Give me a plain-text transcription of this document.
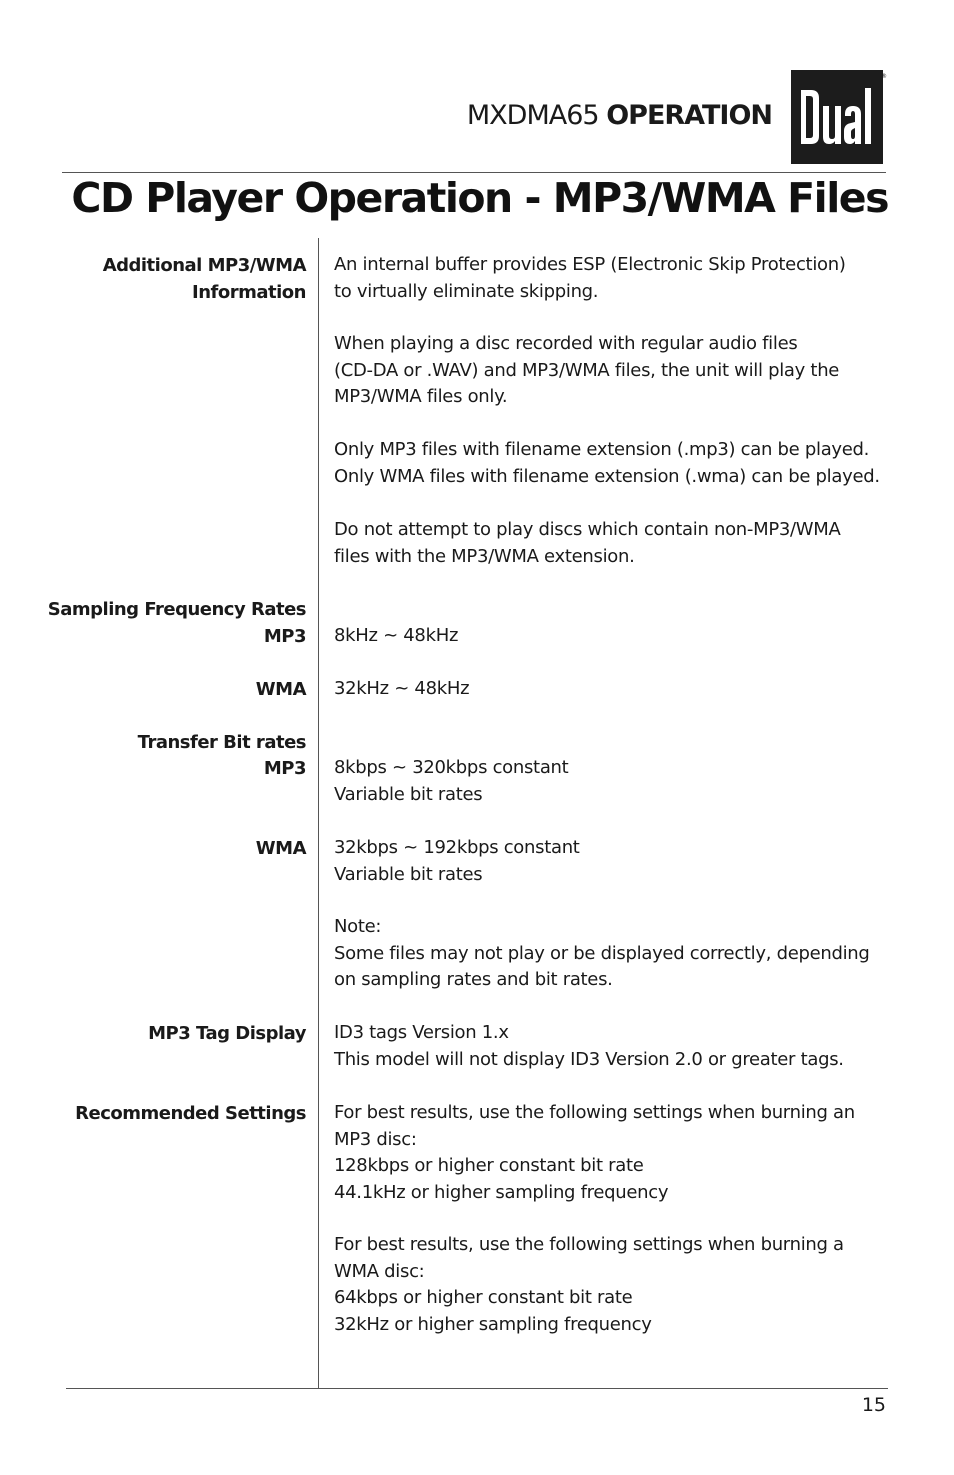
MXDMA65 OPERATION
®
CD Player Operation - MP3/WMA Files
Additional MP3/WMA
Information
Sampling Frequency Rates
MP3
WMA
Transfer Bit rates
MP3
WMA
MP3 Tag Display
Recommended Settings

An internal buffer provides ESP (Electronic Skip Protection)
to virtually eliminate skipping.

When playing a disc recorded with regular audio files
(CD-DA or .WAV) and MP3/WMA files, the unit will play the
MP3/WMA files only.

Only MP3 files with filename extension (.mp3) can be played.
Only WMA files with filename extension (.wma) can be played.

Do not attempt to play discs which contain non-MP3/WMA
files with the MP3/WMA extension.

8kHz ~ 48kHz

32kHz ~ 48kHz

8kbps ~ 320kbps constant
Variable bit rates

32kbps ~ 192kbps constant
Variable bit rates

Note:
Some files may not play or be displayed correctly, depending
on sampling rates and bit rates.

ID3 tags Version 1.x
This model will not display ID3 Version 2.0 or greater tags.

For best results, use the following settings when burning an
MP3 disc:
128kbps or higher constant bit rate
44.1kHz or higher sampling frequency

For best results, use the following settings when burning a
WMA disc:
64kbps or higher constant bit rate
32kHz or higher sampling frequency

15
